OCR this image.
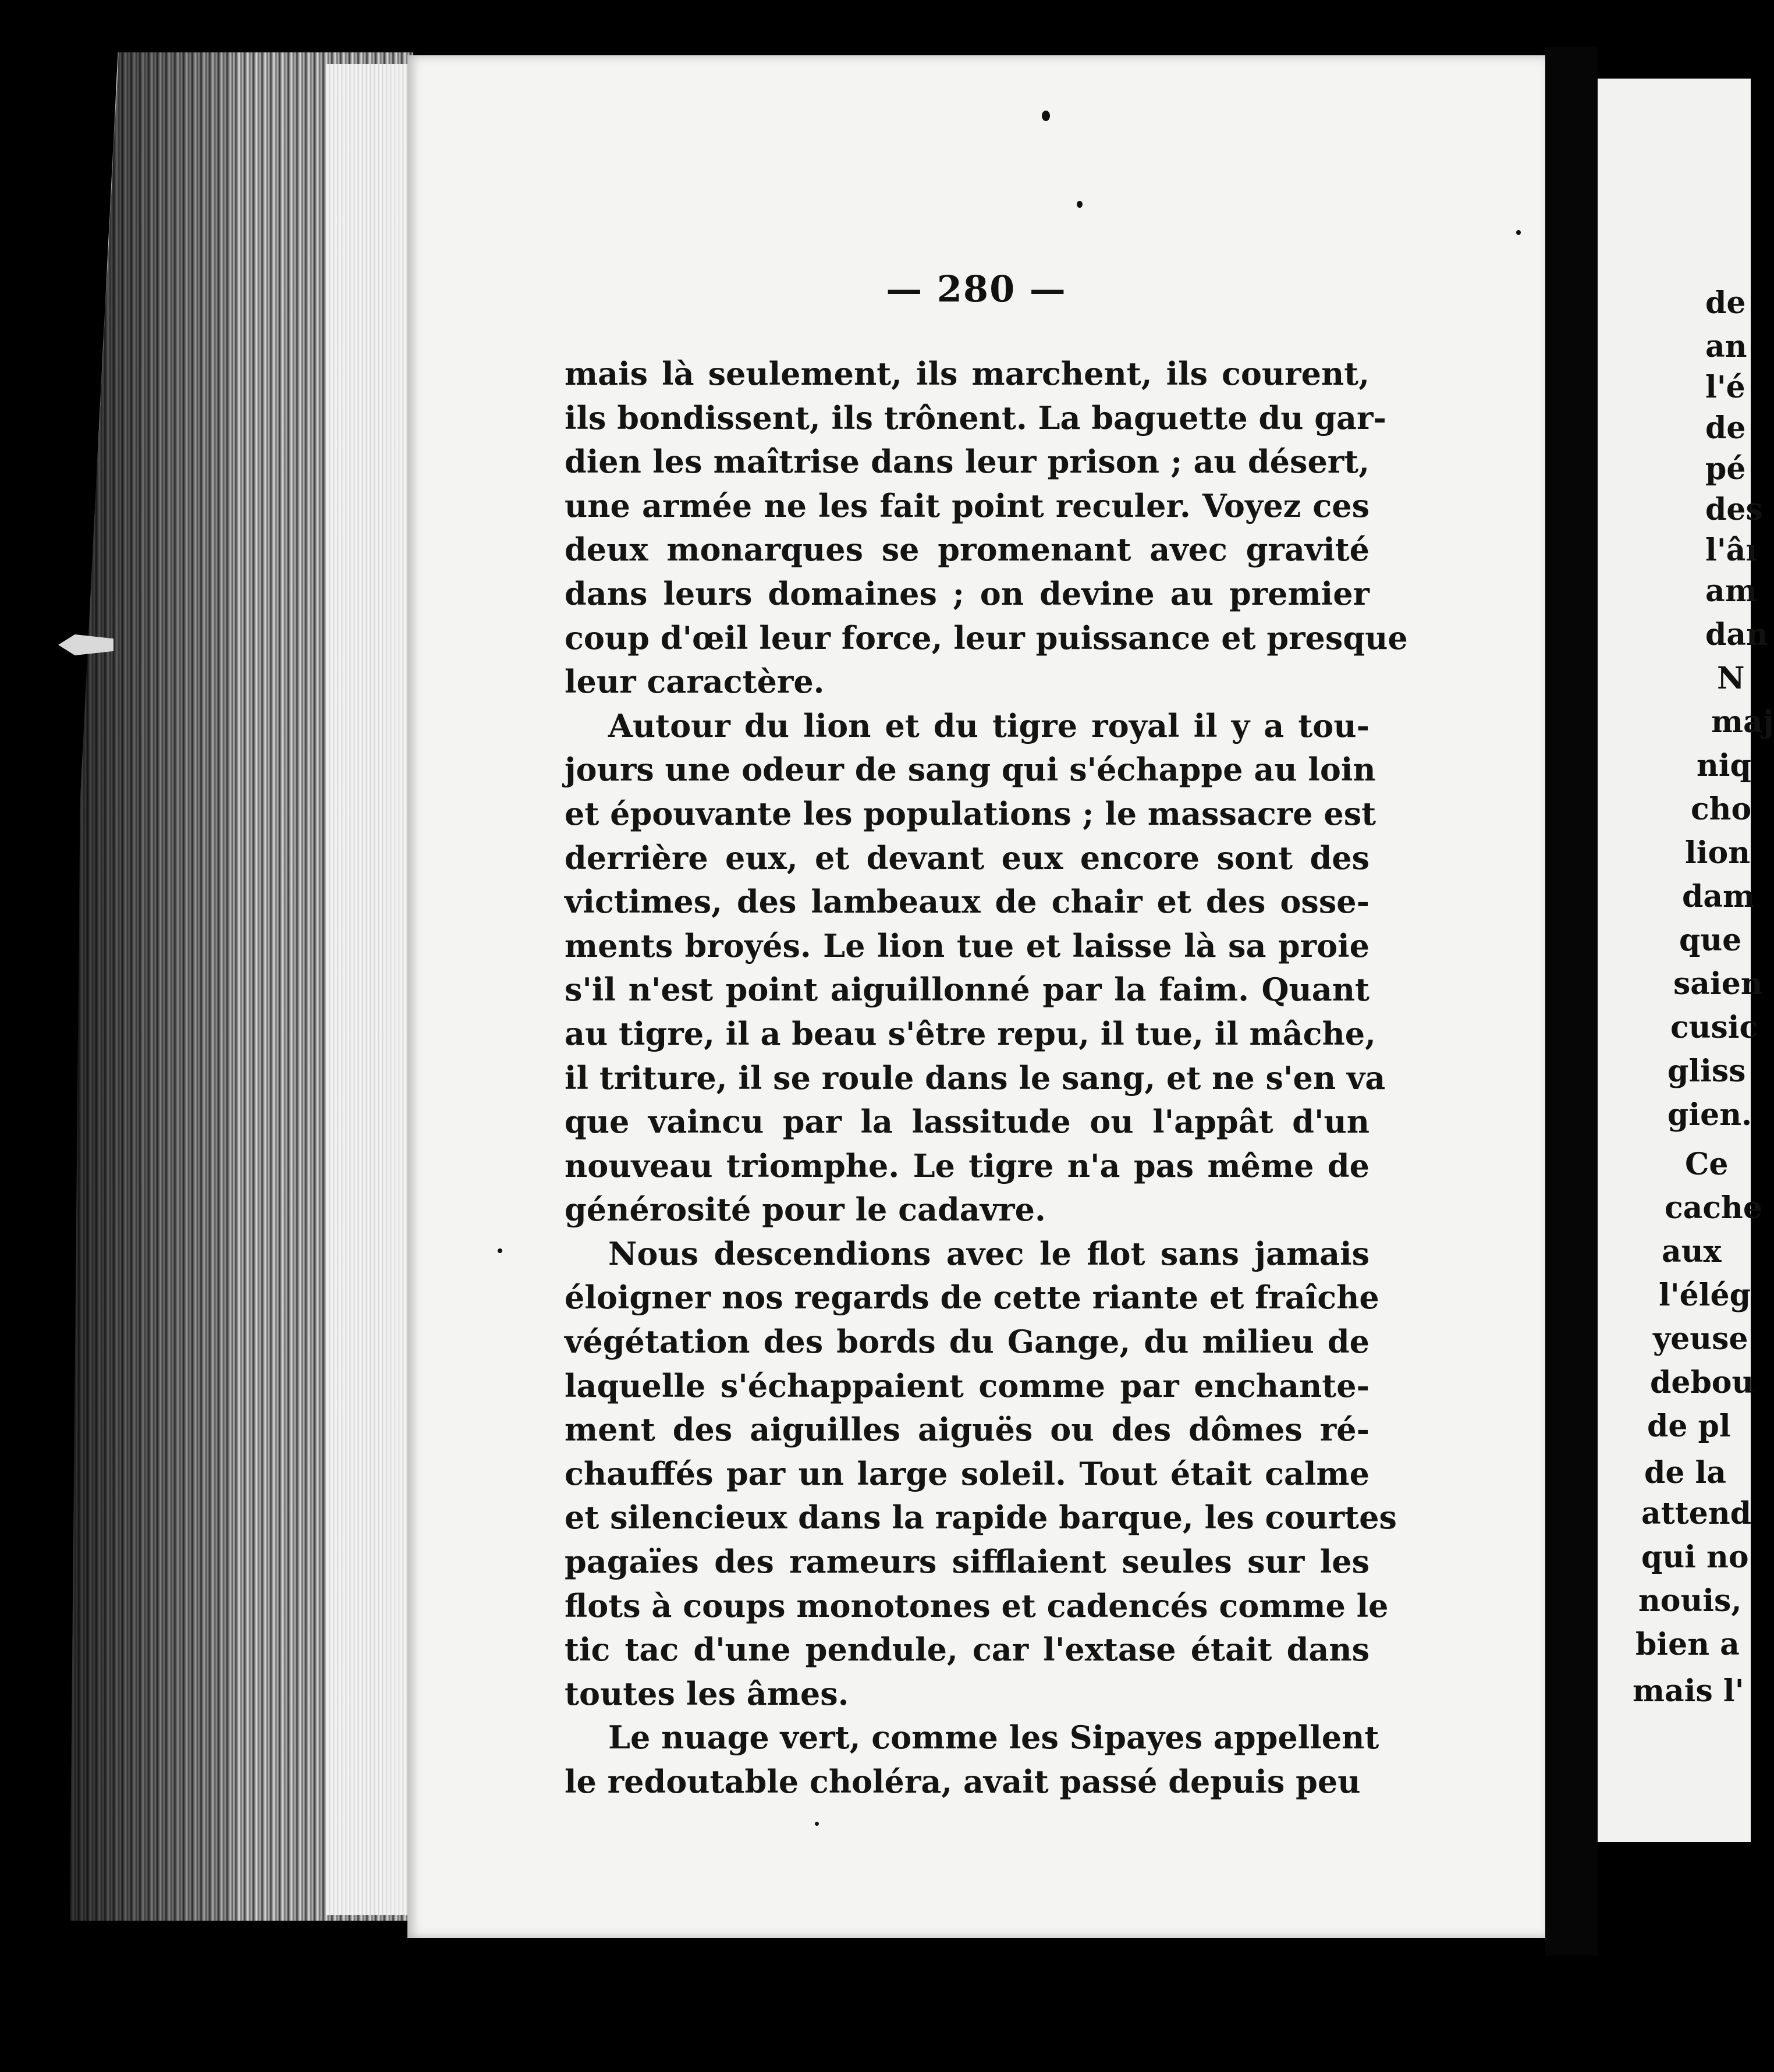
— 280 —
mais là seulement, ils marchent, ils courent,
ils bondissent, ils trônent. La baguette du gar-
dien les maîtrise dans leur prison ; au désert,
une armée ne les fait point reculer. Voyez ces
deux monarques se promenant avec gravité
dans leurs domaines ; on devine au premier
coup d'œil leur force, leur puissance et presque
leur caractère.
Autour du lion et du tigre royal il y a tou-
jours une odeur de sang qui s'échappe au loin
et épouvante les populations ; le massacre est
derrière eux, et devant eux encore sont des
victimes, des lambeaux de chair et des osse-
ments broyés. Le lion tue et laisse là sa proie
s'il n'est point aiguillonné par la faim. Quant
au tigre, il a beau s'être repu, il tue, il mâche,
il triture, il se roule dans le sang, et ne s'en va
que vaincu par la lassitude ou l'appât d'un
nouveau triomphe. Le tigre n'a pas même de
générosité pour le cadavre.
Nous descendions avec le flot sans jamais
éloigner nos regards de cette riante et fraîche
végétation des bords du Gange, du milieu de
laquelle s'échappaient comme par enchante-
ment des aiguilles aiguës ou des dômes ré-
chauffés par un large soleil. Tout était calme
et silencieux dans la rapide barque, les courtes
pagaïes des rameurs sifflaient seules sur les
flots à coups monotones et cadencés comme le
tic tac d'une pendule, car l'extase était dans
toutes les âmes.
Le nuage vert, comme les Sipayes appellent
le redoutable choléra, avait passé depuis peu
de
an
l'é
de
pé
des
l'âı
am
dan
N
maj
niq
cho
lion
dam
que
saien
cusic
gliss
gien.
Ce
cache
aux
l'élég
yeuse
debou
de pl
de la
attend
qui no
nouis,
bien a
mais l'
